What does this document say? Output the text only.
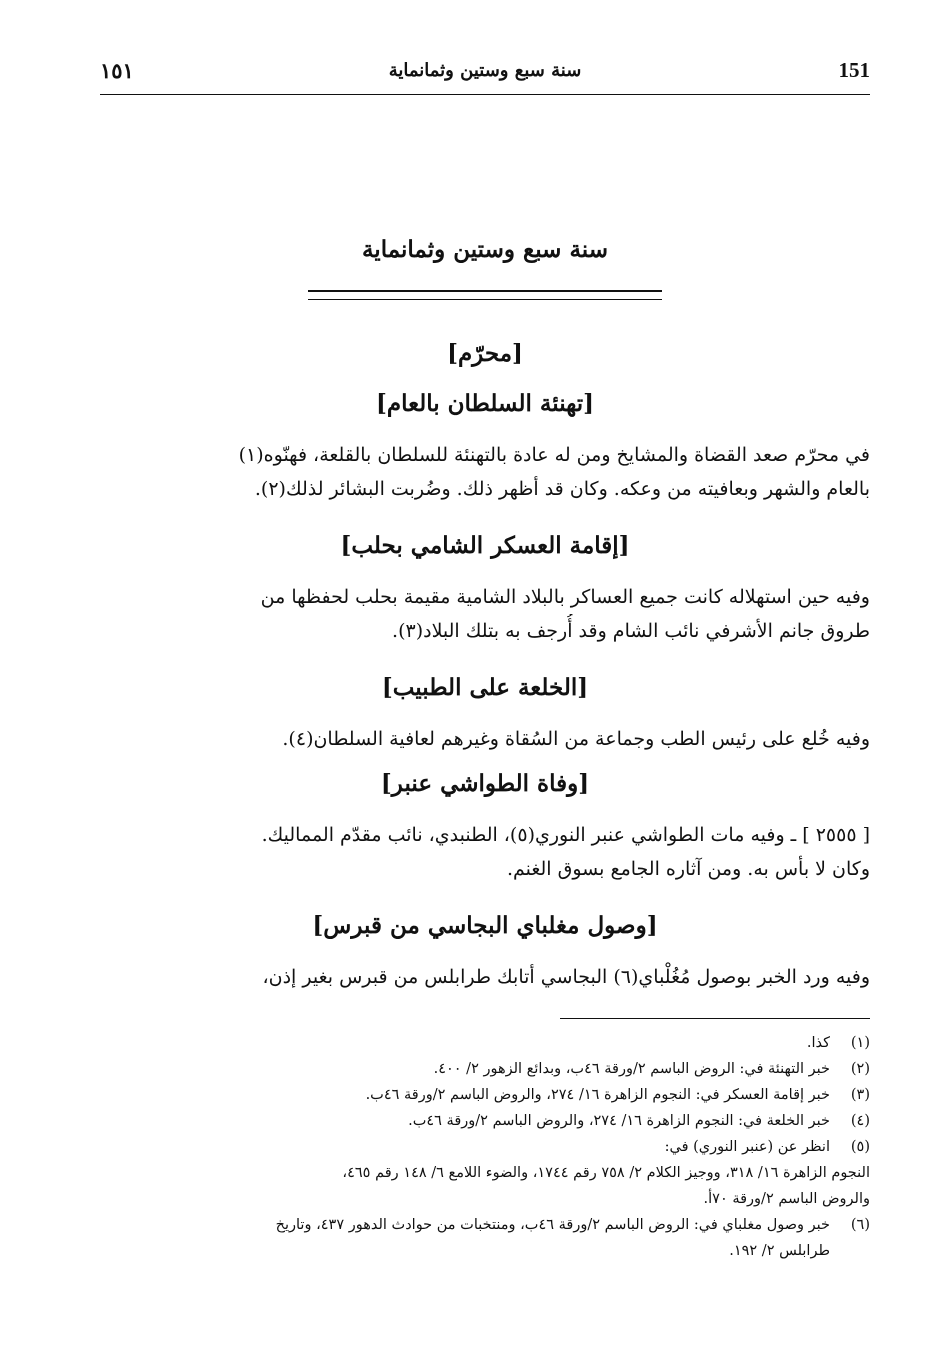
151
سنة سبع وستين وثمانماية
١٥١
سنة سبع وستين وثمانماية
[محرّم]
[تهنئة السلطان بالعام]
في محرّم صعد القضاة والمشايخ ومن له عادة بالتهنئة للسلطان بالقلعة، فهنّوه(١)
بالعام والشهر وبعافيته من وعكه. وكان قد أظهر ذلك. وضُربت البشائر لذلك(٢).
[إقامة العسكر الشامي بحلب]
وفيه حين استهلاله كانت جميع العساكر بالبلاد الشامية مقيمة بحلب لحفظها من
طروق جانم الأشرفي نائب الشام وقد أُرجف به بتلك البلاد(٣).
[الخلعة على الطبيب]
وفيه خُلع على رئيس الطب وجماعة من السُقاة وغيرهم لعافية السلطان(٤).
[وفاة الطواشي عنبر]
[ ٢٥٥٥ ] ـ وفيه مات الطواشي عنبر النوري(٥)، الطنبدي، نائب مقدّم المماليك.
وكان لا بأس به. ومن آثاره الجامع بسوق الغنم.
[وصول مغلباي البجاسي من قبرس]
وفيه ورد الخبر بوصول مُغُلْباي(٦) البجاسي أتابك طرابلس من قبرس بغير إذن،
(١)
كذا.
(٢)
خبر التهنئة في: الروض الباسم ٢/ورقة ٤٦ب، وبدائع الزهور ٢/ ٤٠٠.
(٣)
خبر إقامة العسكر في: النجوم الزاهرة ١٦/ ٢٧٤، والروض الباسم ٢/ورقة ٤٦ب.
(٤)
خبر الخلعة في: النجوم الزاهرة ١٦/ ٢٧٤، والروض الباسم ٢/ورقة ٤٦ب.
(٥)
انظر عن (عنبر النوري) في:
النجوم الزاهرة ١٦/ ٣١٨، ووجيز الكلام ٢/ ٧٥٨ رقم ١٧٤٤، والضوء اللامع ٦/ ١٤٨ رقم ٤٦٥،
والروض الباسم ٢/ورقة ٧٠أ.
(٦)
خبر وصول مغلباي في: الروض الباسم ٢/ورقة ٤٦ب، ومنتخبات من حوادث الدهور ٤٣٧، وتاريخ
طرابلس ٢/ ١٩٢.
